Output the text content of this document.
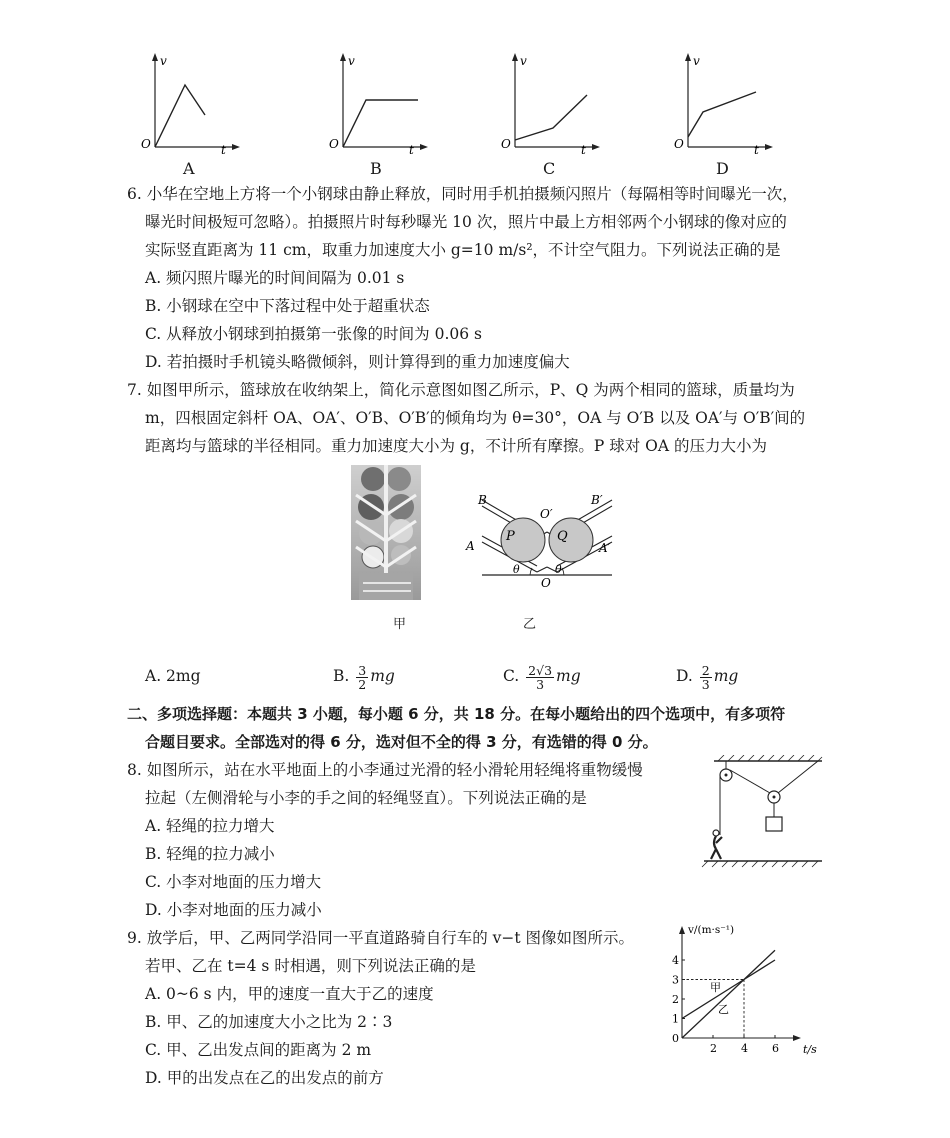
v
t
O
v
t
O
v
t
O
v
t
O
A	B	C	D
6. 小华在空地上方将一个小钢球由静止释放，同时用手机拍摄频闪照片（每隔相等时间曝光一次，
曝光时间极短可忽略）。拍摄照片时每秒曝光 10 次，照片中最上方相邻两个小钢球的像对应的
实际竖直距离为 11 cm，取重力加速度大小 g=10 m/s²，不计空气阻力。下列说法正确的是
A. 频闪照片曝光的时间间隔为 0.01 s
B. 小钢球在空中下落过程中处于超重状态
C. 从释放小钢球到拍摄第一张像的时间为 0.06 s
D. 若拍摄时手机镜头略微倾斜，则计算得到的重力加速度偏大
7. 如图甲所示，篮球放在收纳架上，简化示意图如图乙所示，P、Q 为两个相同的篮球，质量均为
m，四根固定斜杆 OA、OA′、O′B、O′B′的倾角均为 θ=30°，OA 与 O′B 以及 OA′与 O′B′间的
距离均与篮球的半径相同。重力加速度大小为 g，不计所有摩擦。P 球对 OA 的压力大小为
甲
B	B′
O′
P	Q
A	A′
θ	θ
O
乙
A. 2mg	B. $\frac{3}{2}$ mg	C. $\frac{2√3}{3}$ mg	D. $\frac{2}{3}$ mg
二、多项选择题：本题共 3 小题，每小题 6 分，共 18 分。在每小题给出的四个选项中，有多项符
合题目要求。全部选对的得 6 分，选对但不全的得 3 分，有选错的得 0 分。
8. 如图所示，站在水平地面上的小李通过光滑的轻小滑轮用轻绳将重物缓慢
拉起（左侧滑轮与小李的手之间的轻绳竖直）。下列说法正确的是
A. 轻绳的拉力增大
B. 轻绳的拉力减小
C. 小李对地面的压力增大
D. 小李对地面的压力减小
9. 放学后，甲、乙两同学沿同一平直道路骑自行车的 v−t 图像如图所示。
若甲、乙在 t=4 s 时相遇，则下列说法正确的是
A. 0~6 s 内，甲的速度一直大于乙的速度
B. 甲、乙的加速度大小之比为 2∶3
C. 甲、乙出发点间的距离为 2 m
D. 甲的出发点在乙的出发点的前方
v/(m·s⁻¹)
t/s
0
1
2
3
4
2 4 6
甲
乙
